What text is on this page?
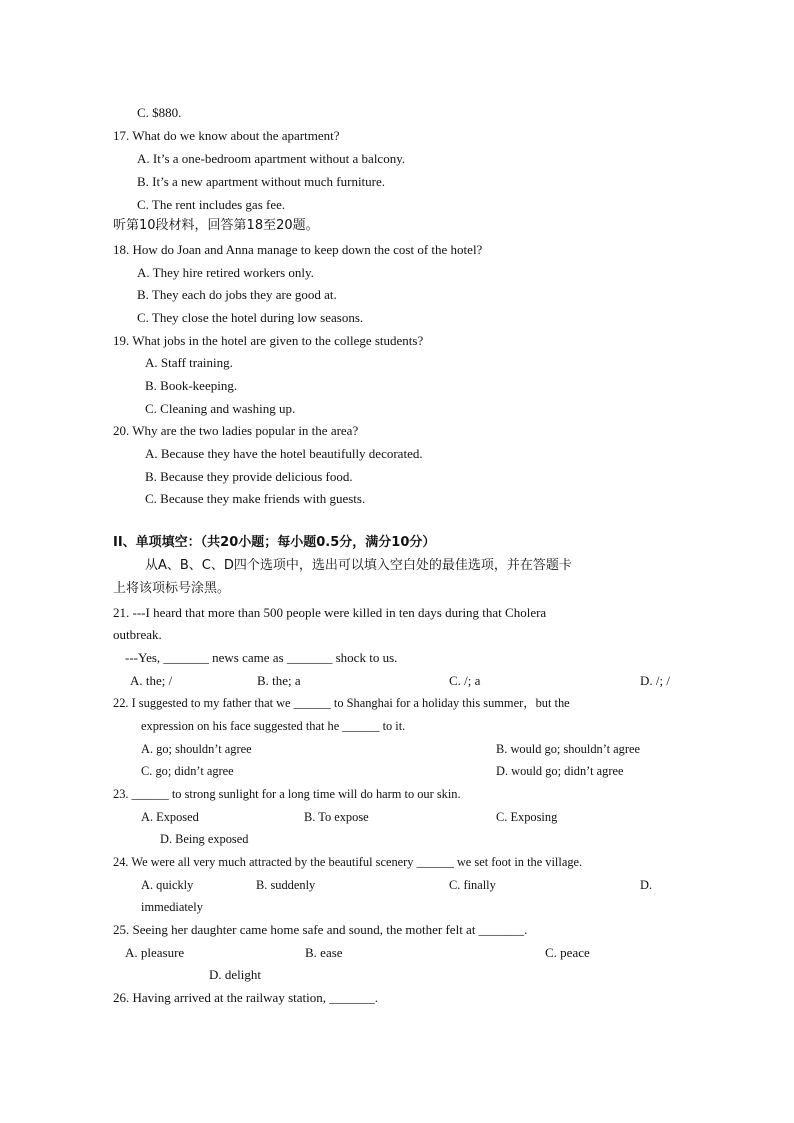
C. $880.
17. What do we know about the apartment?
A. It’s a one-bedroom apartment without a balcony.
B. It’s a new apartment without much furniture.
C. The rent includes gas fee.
听第10段材料，回答第18至20题。
18. How do Joan and Anna manage to keep down the cost of the hotel?
A. They hire retired workers only.
B. They each do jobs they are good at.
C. They close the hotel during low seasons.
19. What jobs in the hotel are given to the college students?
A. Staff training.
B. Book-keeping.
C. Cleaning and washing up.
20. Why are the two ladies popular in the area?
A. Because they have the hotel beautifully decorated.
B. Because they provide delicious food.
C. Because they make friends with guests.
II、单项填空：（共20小题；每小题0.5分，满分10分）
从A、B、C、D四个选项中，选出可以填入空白处的最佳选项，并在答题卡
上将该项标号涂黑。
21. ---I heard that more than 500 people were killed in ten days during that Cholera
outbreak.
---Yes, _______ news came as _______ shock to us.
A. the; /	B. the; a	C. /; a	D. /; /
22. I suggested to my father that we ______ to Shanghai for a holiday this summer，but the
expression on his face suggested that he ______ to it.
A. go; shouldn’t agree	B. would go; shouldn’t agree
C. go; didn’t agree	D. would go; didn’t agree
23. ______ to strong sunlight for a long time will do harm to our skin.
A. Exposed	B. To expose	C. Exposing
D. Being exposed
24. We were all very much attracted by the beautiful scenery ______ we set foot in the village.
A. quickly	B. suddenly	C. finally	D.
immediately
25. Seeing her daughter came home safe and sound, the mother felt at _______.
A. pleasure	B. ease	C. peace
D. delight
26. Having arrived at the railway station, _______.
